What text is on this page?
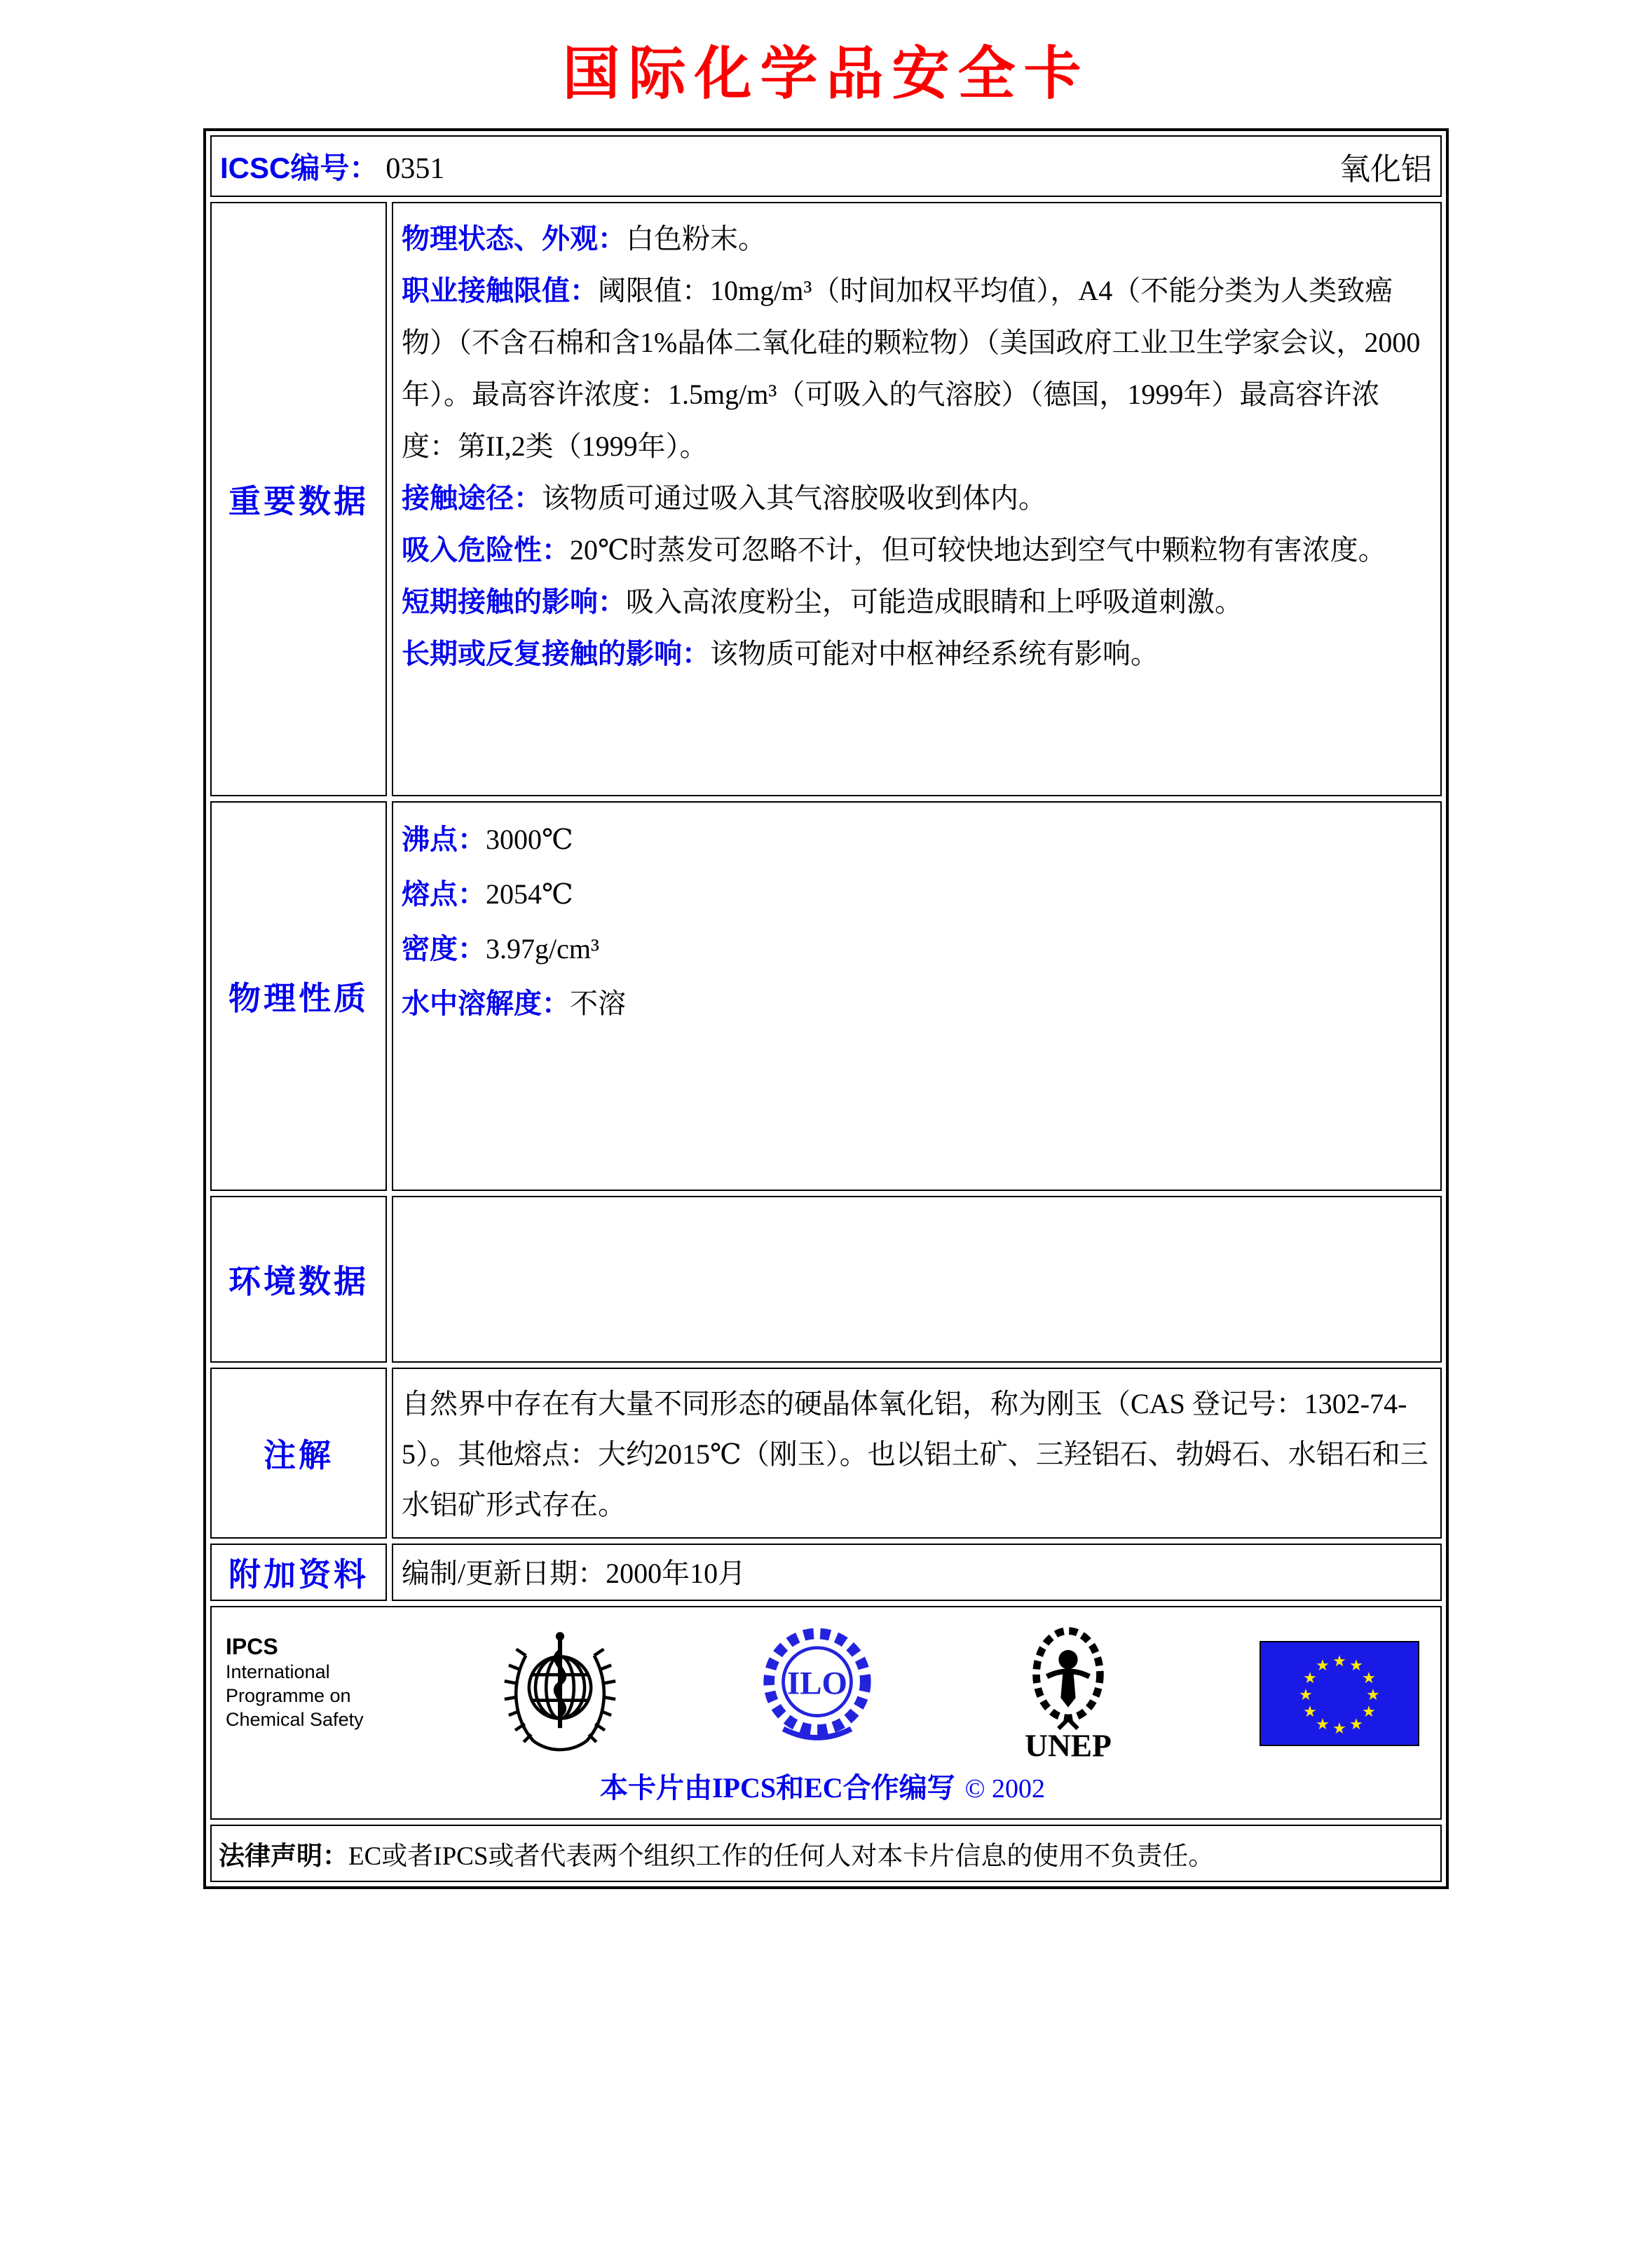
国际化学品安全卡
ICSC编号： 0351	氧化铝
重要数据

物理状态、外观：白色粉末。

职业接触限值：阈限值：10mg/m³（时间加权平均值），A4（不能分类为人类致癌物）（不含石棉和含1%晶体二氧化硅的颗粒物）（美国政府工业卫生学家会议，2000年）。最高容许浓度：1.5mg/m³（可吸入的气溶胶）（德国，1999年）最高容许浓度：第II,2类（1999年）。

接触途径：该物质可通过吸入其气溶胶吸收到体内。

吸入危险性：20℃时蒸发可忽略不计，但可较快地达到空气中颗粒物有害浓度。

短期接触的影响：吸入高浓度粉尘，可能造成眼睛和上呼吸道刺激。

长期或反复接触的影响：该物质可能对中枢神经系统有影响。

物理性质

沸点：3000℃

熔点：2054℃

密度：3.97g/cm³

水中溶解度：不溶

环境数据
注解

自然界中存在有大量不同形态的硬晶体氧化铝，称为刚玉（CAS 登记号：1302-74-5）。其他熔点：大约2015℃（刚玉）。也以铝土矿、三羟铝石、勃姆石、水铝石和三水铝矿形式存在。

附加资料	编制/更新日期：2000年10月

IPCS
International
Programme on
Chemical Safety
ILO
UNEP
★ ★
★
★
★
★
★
★
★
★
★
★
本卡片由IPCS和EC合作编写 © 2002
法律声明： EC或者IPCS或者代表两个组织工作的任何人对本卡片信息的使用不负责任。
